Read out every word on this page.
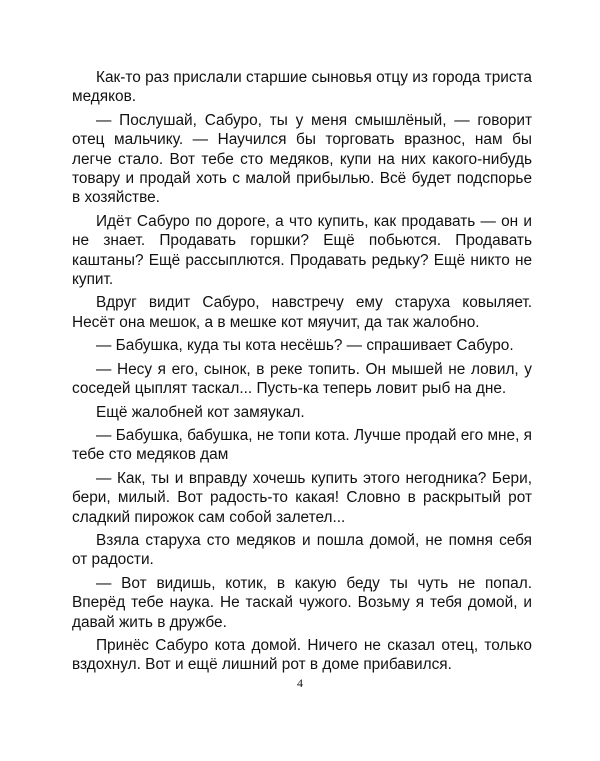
Как-то раз прислали старшие сыновья отцу из города триста медяков.

— Послушай, Сабуро, ты у меня смышлёный, — говорит отец мальчику. — Научился бы торговать вразнос, нам бы легче стало. Вот тебе сто медяков, купи на них какого-нибудь товару и продай хоть с малой прибылью. Всё будет подспорье в хозяйстве.

Идёт Сабуро по дороге, а что купить, как продавать — он и не знает. Продавать горшки? Ещё побьются. Продавать каштаны? Ещё рассыплются. Продавать редьку? Ещё никто не купит.

Вдруг видит Сабуро, навстречу ему старуха ковыляет. Несёт она мешок, а в мешке кот мяучит, да так жалобно.

— Бабушка, куда ты кота несёшь? — спрашивает Сабуро.

— Несу я его, сынок, в реке топить. Он мышей не ловил, у соседей цыплят таскал... Пусть-ка теперь ловит рыб на дне.

Ещё жалобней кот замяукал.

— Бабушка, бабушка, не топи кота. Лучше продай его мне, я тебе сто медяков дам

— Как, ты и вправду хочешь купить этого негодника? Бери, бери, милый. Вот радость-то какая! Словно в раскрытый рот сладкий пирожок сам собой залетел...

Взяла старуха сто медяков и пошла домой, не помня себя от радости.

— Вот видишь, котик, в какую беду ты чуть не попал. Вперёд тебе наука. Не таскай чужого. Возьму я тебя домой, и давай жить в дружбе.

Принёс Сабуро кота домой. Ничего не сказал отец, только вздохнул. Вот и ещё лишний рот в доме прибавился.

4
